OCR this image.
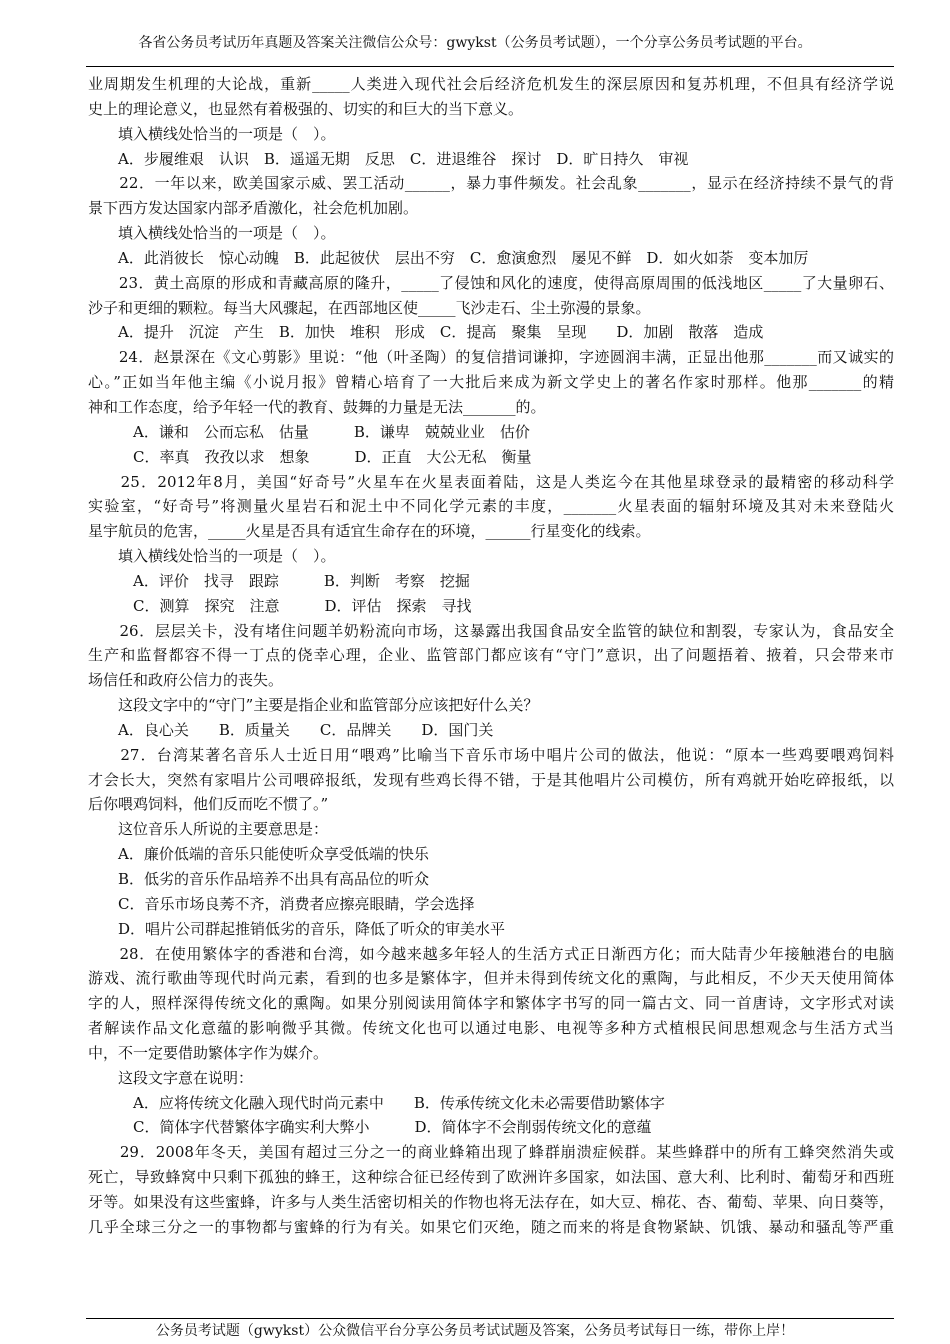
各省公务员考试历年真题及答案关注微信公众号：gwykst（公务员考试题），一个分享公务员考试题的平台。
业周期发生机理的大论战，重新_____人类进入现代社会后经济危机发生的深层原因和复苏机理，不但具有经济学说
史上的理论意义，也显然有着极强的、切实的和巨大的当下意义。
　　填入横线处恰当的一项是（　）。
　　A．步履维艰　认识　B．遥遥无期　反思　C．进退维谷　探讨　D．旷日持久　审视
　　22．一年以来，欧美国家示威、罢工活动______，暴力事件频发。社会乱象_______，显示在经济持续不景气的背
景下西方发达国家内部矛盾激化，社会危机加剧。
　　填入横线处恰当的一项是（　）。
　　A．此消彼长　惊心动魄　B．此起彼伏　层出不穷　C．愈演愈烈　屡见不鲜　D．如火如荼　变本加厉
　　23．黄土高原的形成和青藏高原的隆升，_____了侵蚀和风化的速度，使得高原周围的低浅地区_____了大量卵石、
沙子和更细的颗粒。每当大风骤起，在西部地区使_____飞沙走石、尘土弥漫的景象。
　　A．提升　沉淀　产生　B．加快　堆积　形成　C．提高　聚集　呈现　　D．加剧　散落　造成
　　24．赵景深在《文心剪影》里说：“他（叶圣陶）的复信措词谦抑，字迹圆润丰满，正显出他那_______而又诚实的
心。”正如当年他主编《小说月报》曾精心培育了一大批后来成为新文学史上的著名作家时那样。他那_______的精
神和工作态度，给予年轻一代的教育、鼓舞的力量是无法_______的。
　　　A．谦和　公而忘私　估量　　　B．谦卑　兢兢业业　估价
　　　C．率真　孜孜以求　想象　　　D．正直　大公无私　衡量
　　25．2012年8月，美国“好奇号”火星车在火星表面着陆，这是人类迄今在其他星球登录的最精密的移动科学
实验室，“好奇号”将测量火星岩石和泥土中不同化学元素的丰度，_______火星表面的辐射环境及其对未来登陆火
星宇航员的危害，_____火星是否具有适宜生命存在的环境，______行星变化的线索。
　　填入横线处恰当的一项是（　）。
　　　A．评价　找寻　跟踪　　　B．判断　考察　挖掘
　　　C．测算　探究　注意　　　D．评估　探索　寻找
　　26．层层关卡，没有堵住问题羊奶粉流向市场，这暴露出我国食品安全监管的缺位和割裂，专家认为，食品安全
生产和监督都容不得一丁点的侥幸心理，企业、监管部门都应该有“守门”意识，出了问题捂着、掖着，只会带来市
场信任和政府公信力的丧失。
　　这段文字中的“守门”主要是指企业和监管部分应该把好什么关？
　　A．良心关　　B．质量关　　C．品牌关　　D．国门关
　　27．台湾某著名音乐人士近日用“喂鸡”比喻当下音乐市场中唱片公司的做法，他说：“原本一些鸡要喂鸡饲料
才会长大，突然有家唱片公司喂碎报纸，发现有些鸡长得不错，于是其他唱片公司模仿，所有鸡就开始吃碎报纸，以
后你喂鸡饲料，他们反而吃不惯了。”
　　这位音乐人所说的主要意思是：
　　A．廉价低端的音乐只能使听众享受低端的快乐
　　B．低劣的音乐作品培养不出具有高品位的听众
　　C．音乐市场良莠不齐，消费者应擦亮眼睛，学会选择
　　D．唱片公司群起推销低劣的音乐，降低了听众的审美水平
　　28．在使用繁体字的香港和台湾，如今越来越多年轻人的生活方式正日渐西方化；而大陆青少年接触港台的电脑
游戏、流行歌曲等现代时尚元素，看到的也多是繁体字，但并未得到传统文化的熏陶，与此相反，不少天天使用简体
字的人，照样深得传统文化的熏陶。如果分别阅读用简体字和繁体字书写的同一篇古文、同一首唐诗，文字形式对读
者解读作品文化意蕴的影响微乎其微。传统文化也可以通过电影、电视等多种方式植根民间思想观念与生活方式当
中，不一定要借助繁体字作为媒介。
　　这段文字意在说明：
　　　A．应将传统文化融入现代时尚元素中　　B．传承传统文化未必需要借助繁体字
　　　C．简体字代替繁体字确实利大弊小　　　D．简体字不会削弱传统文化的意蕴
　　29．2008年冬天，美国有超过三分之一的商业蜂箱出现了蜂群崩溃症候群。某些蜂群中的所有工蜂突然消失或
死亡，导致蜂窝中只剩下孤独的蜂王，这种综合征已经传到了欧洲许多国家，如法国、意大利、比利时、葡萄牙和西班
牙等。如果没有这些蜜蜂，许多与人类生活密切相关的作物也将无法存在，如大豆、棉花、杏、葡萄、苹果、向日葵等，
几乎全球三分之一的事物都与蜜蜂的行为有关。如果它们灭绝，随之而来的将是食物紧缺、饥饿、暴动和骚乱等严重
公务员考试题（gwykst）公众微信平台分享公务员考试试题及答案，公务员考试每日一练，带你上岸！
